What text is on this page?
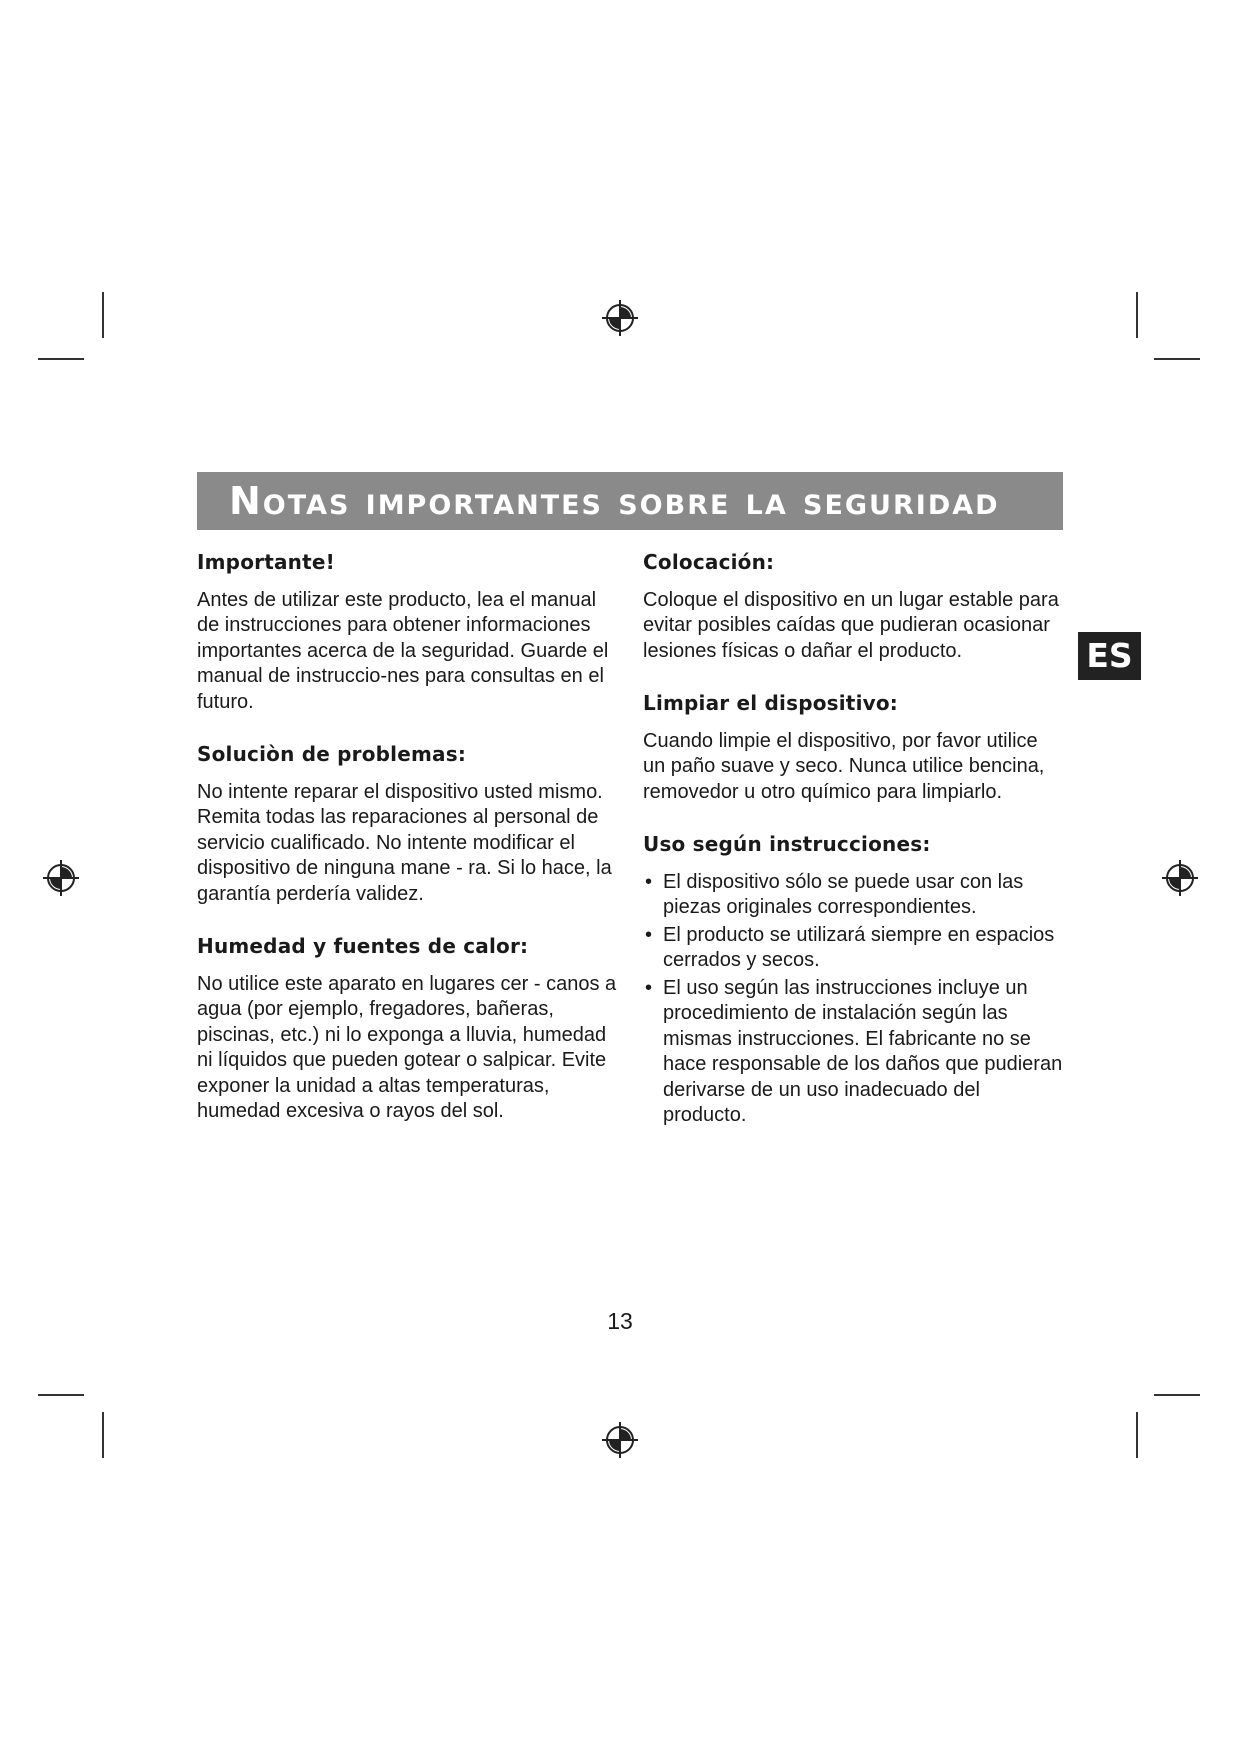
Notas importantes sobre la seguridad
ES
Importante!

Antes de utilizar este producto, lea el manual de instrucciones para obtener informaciones importantes acerca de la seguridad. Guarde el manual de instruccio-nes para consultas en el futuro.

Soluciòn de problemas:

No intente reparar el dispositivo usted mismo. Remita todas las reparaciones al personal de servicio cualificado. No intente modificar el dispositivo de ninguna mane - ra. Si lo hace, la garantía perdería validez.

Humedad y fuentes de calor:

No utilice este aparato en lugares cer - canos a agua (por ejemplo, fregadores, bañeras, piscinas, etc.) ni lo exponga a lluvia, humedad ni líquidos que pueden gotear o salpicar. Evite exponer la unidad a altas temperaturas, humedad excesiva o rayos del sol.

Colocación:

Coloque el dispositivo en un lugar estable para evitar posibles caídas que pudieran ocasionar lesiones físicas o dañar el producto.

Limpiar el dispositivo:

Cuando limpie el dispositivo, por favor utilice un paño suave y seco. Nunca utilice bencina, removedor u otro químico para limpiarlo.

Uso según instrucciones:
• El dispositivo sólo se puede usar con las piezas originales correspondientes.
• El producto se utilizará siempre en espacios cerrados y secos.
• El uso según las instrucciones incluye un procedimiento de instalación según las mismas instrucciones. El fabricante no se hace responsable de los daños que pudieran derivarse de un uso inadecuado del producto.
13
